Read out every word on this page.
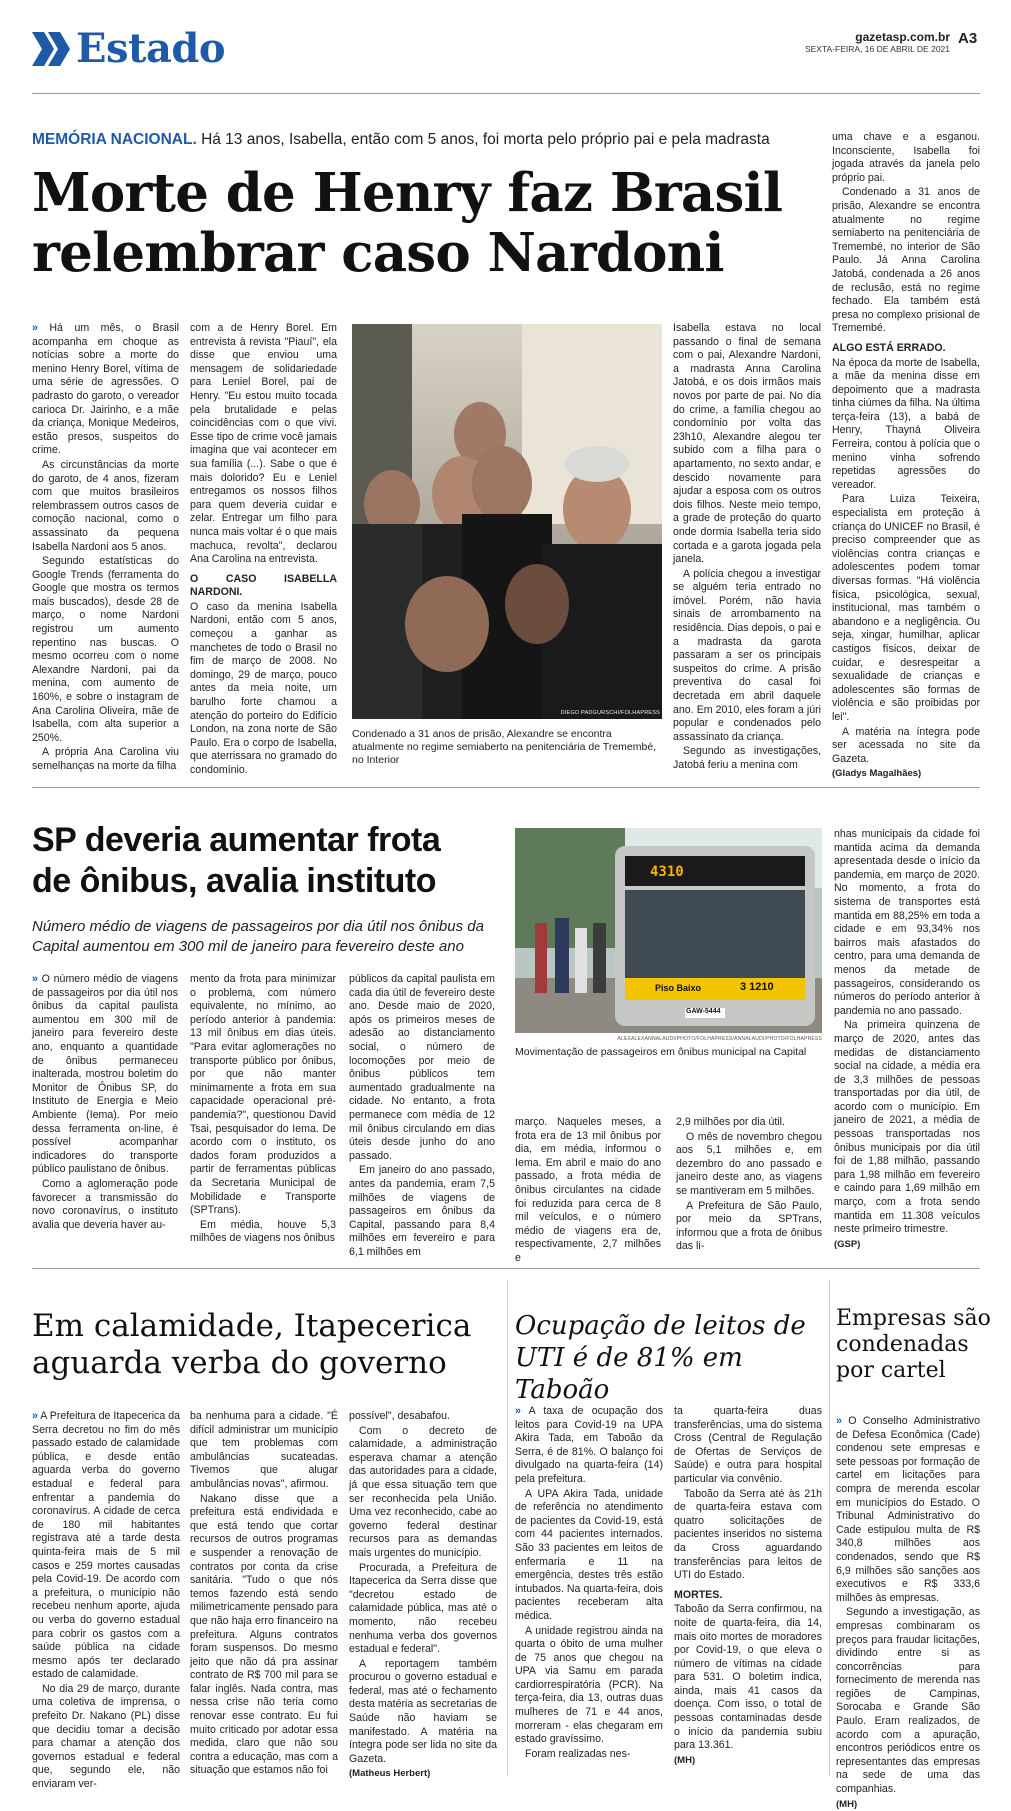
Estado	gazetasp.com.br
SEXTA-FEIRA, 16 DE ABRIL DE 2021
A3
MEMÓRIA NACIONAL. Há 13 anos, Isabella, então com 5 anos, foi morta pelo próprio pai e pela madrasta
Morte de Henry faz Brasil
relembrar caso Nardoni

» Há um mês, o Brasil acompanha em choque as notícias sobre a morte do menino Henry Borel, vítima de uma série de agressões. O padrasto do garoto, o vereador carioca Dr. Jairinho, e a mãe da criança, Monique Medeiros, estão presos, suspeitos do crime.

As circunstâncias da morte do garoto, de 4 anos, fizeram com que muitos brasileiros relembrassem outros casos de comoção nacional, como o assassinato da pequena Isabella Nardoni aos 5 anos.

Segundo estatísticas do Google Trends (ferramenta do Google que mostra os termos mais buscados), desde 28 de março, o nome Nardoni registrou um aumento repentino nas buscas. O mesmo ocorreu com o nome Alexandre Nardoni, pai da menina, com aumento de 160%, e sobre o instagram de Ana Carolina Oliveira, mãe de Isabella, com alta superior a 250%.

A própria Ana Carolina viu semelhanças na morte da filha

com a de Henry Borel. Em entrevista à revista "Piauí", ela disse que enviou uma mensagem de solidariedade para Leniel Borel, pai de Henry. "Eu estou muito tocada pela brutalidade e pelas coincidências com o que vivi. Esse tipo de crime você jamais imagina que vai acontecer em sua família (...). Sabe o que é mais dolorido? Eu e Leniel entregamos os nossos filhos para quem deveria cuidar e zelar. Entregar um filho para nunca mais voltar é o que mais machuca, revolta", declarou Ana Carolina na entrevista.

O CASO ISABELLA NARDONI.

O caso da menina Isabella Nardoni, então com 5 anos, começou a ganhar as manchetes de todo o Brasil no fim de março de 2008. No domingo, 29 de março, pouco antes da meia noite, um barulho forte chamou a atenção do porteiro do Edifício London, na zona norte de São Paulo. Era o corpo de Isabella, que aterrissara no gramado do condomínio.

DIEGO PADGURSCHI/FOLHAPRESS
Condenado a 31 anos de prisão, Alexandre se encontra atualmente no regime semiaberto na penitenciária de Tremembé, no Interior

Isabella estava no local passando o final de semana com o pai, Alexandre Nardoni, a madrasta Anna Carolina Jatobá, e os dois irmãos mais novos por parte de pai. No dia do crime, a família chegou ao condomínio por volta das 23h10, Alexandre alegou ter subido com a filha para o apartamento, no sexto andar, e descido novamente para ajudar a esposa com os outros dois filhos. Neste meio tempo, a grade de proteção do quarto onde dormia Isabella teria sido cortada e a garota jogada pela janela.

A polícia chegou a investigar se alguém teria entrado no imóvel. Porém, não havia sinais de arrombamento na residência. Dias depois, o pai e a madrasta da garota passaram a ser os principais suspeitos do crime. A prisão preventiva do casal foi decretada em abril daquele ano. Em 2010, eles foram a júri popular e condenados pelo assassinato da criança.

Segundo as investigações, Jatobá feriu a menina com

uma chave e a esganou. Inconsciente, Isabella foi jogada através da janela pelo próprio pai.

Condenado a 31 anos de prisão, Alexandre se encontra atualmente no regime semiaberto na penitenciária de Tremembé, no interior de São Paulo. Já Anna Carolina Jatobá, condenada a 26 anos de reclusão, está no regime fechado. Ela também está presa no complexo prisional de Tremembé.

ALGO ESTÁ ERRADO.

Na época da morte de Isabella, a mãe da menina disse em depoimento que a madrasta tinha ciúmes da filha. Na última terça-feira (13), a babá de Henry, Thayná Oliveira Ferreira, contou à polícia que o menino vinha sofrendo repetidas agressões do vereador.

Para Luiza Teixeira, especialista em proteção à criança do UNICEF no Brasil, é preciso compreender que as violências contra crianças e adolescentes podem tomar diversas formas. "Há violência física, psicológica, sexual, institucional, mas também o abandono e a negligência. Ou seja, xingar, humilhar, aplicar castigos físicos, deixar de cuidar, e desrespeitar a sexualidade de crianças e adolescentes são formas de violência e são proibidas por lei".

A matéria na íntegra pode ser acessada no site da Gazeta.

(Gladys Magalhães)

SP deveria aumentar frota
de ônibus, avalia instituto
Número médio de viagens de passageiros por dia útil nos ônibus da
Capital aumentou em 300 mil de janeiro para fevereiro deste ano
4310
Piso Baixo	3 1210
GAW-5444
ALEXALEXANNALAUDI/PHOTO/FOLHAPRESS/ANNALAUDI/PHOTO/FOLHAPRESS
Movimentação de passageiros em ônibus municipal na Capital

» O número médio de viagens de passageiros por dia útil nos ônibus da capital paulista aumentou em 300 mil de janeiro para fevereiro deste ano, enquanto a quantidade de ônibus permaneceu inalterada, mostrou boletim do Monitor de Ônibus SP, do Instituto de Energia e Meio Ambiente (Iema). Por meio dessa ferramenta on-line, é possível acompanhar indicadores do transporte público paulistano de ônibus.

Como a aglomeração pode favorecer a transmissão do novo coronavírus, o instituto avalia que deveria haver au-

mento da frota para minimizar o problema, com número equivalente, no mínimo, ao período anterior à pandemia: 13 mil ônibus em dias úteis. "Para evitar aglomerações no transporte público por ônibus, por que não manter minimamente a frota em sua capacidade operacional pré-pandemia?", questionou David Tsai, pesquisador do Iema. De acordo com o instituto, os dados foram produzidos a partir de ferramentas públicas da Secretaria Municipal de Mobilidade e Transporte (SPTrans).

Em média, houve 5,3 milhões de viagens nos ônibus

públicos da capital paulista em cada dia útil de fevereiro deste ano. Desde maio de 2020, após os primeiros meses de adesão ao distanciamento social, o número de locomoções por meio de ônibus públicos tem aumentado gradualmente na cidade. No entanto, a frota permanece com média de 12 mil ônibus circulando em dias úteis desde junho do ano passado.

Em janeiro do ano passado, antes da pandemia, eram 7,5 milhões de viagens de passageiros em ônibus da Capital, passando para 8,4 milhões em fevereiro e para 6,1 milhões em

março. Naqueles meses, a frota era de 13 mil ônibus por dia, em média, informou o Iema. Em abril e maio do ano passado, a frota média de ônibus circulantes na cidade foi reduzida para cerca de 8 mil veículos, e o número médio de viagens era de, respectivamente, 2,7 milhões e

2,9 milhões por dia útil.

O mês de novembro chegou aos 5,1 milhões e, em dezembro do ano passado e janeiro deste ano, as viagens se mantiveram em 5 milhões.

A Prefeitura de São Paulo, por meio da SPTrans, informou que a frota de ônibus das li-

nhas municipais da cidade foi mantida acima da demanda apresentada desde o início da pandemia, em março de 2020. No momento, a frota do sistema de transportes está mantida em 88,25% em toda a cidade e em 93,34% nos bairros mais afastados do centro, para uma demanda de menos da metade de passageiros, considerando os números do período anterior à pandemia no ano passado.

Na primeira quinzena de março de 2020, antes das medidas de distanciamento social na cidade, a média era de 3,3 milhões de pessoas transportadas por dia útil, de acordo com o município. Em janeiro de 2021, a média de pessoas transportadas nos ônibus municipais por dia útil foi de 1,88 milhão, passando para 1,98 milhão em fevereiro e caindo para 1,69 milhão em março, com a frota sendo mantida em 11.308 veículos neste primeiro trimestre.

(GSP)

Em calamidade, Itapecerica
aguarda verba do governo

» A Prefeitura de Itapecerica da Serra decretou no fim do mês passado estado de calamidade pública, e desde então aguarda verba do governo estadual e federal para enfrentar a pandemia do coronavírus. A cidade de cerca de 180 mil habitantes registrava até a tarde desta quinta-feira mais de 5 mil casos e 259 mortes causadas pela Covid-19. De acordo com a prefeitura, o município não recebeu nenhum aporte, ajuda ou verba do governo estadual para cobrir os gastos com a saúde pública na cidade mesmo após ter declarado estado de calamidade.

No dia 29 de março, durante uma coletiva de imprensa, o prefeito Dr. Nakano (PL) disse que decidiu tomar a decisão para chamar a atenção dos governos estadual e federal que, segundo ele, não enviaram ver-

ba nenhuma para a cidade. "É difícil administrar um município que tem problemas com ambulâncias sucateadas. Tivemos que alugar ambulâncias novas", afirmou.

Nakano disse que a prefeitura está endividada e que está tendo que cortar recursos de outros programas e suspender a renovação de contratos por conta da crise sanitária. "Tudo o que nós temos fazendo está sendo milimetricamente pensado para que não haja erro financeiro na prefeitura. Alguns contratos foram suspensos. Do mesmo jeito que não dá pra assinar contrato de R$ 700 mil para se falar inglês. Nada contra, mas nessa crise não teria como renovar esse contrato. Eu fui muito criticado por adotar essa medida, claro que não sou contra a educação, mas com a situação que estamos não foi

possível", desabafou.

Com o decreto de calamidade, a administração esperava chamar a atenção das autoridades para a cidade, já que essa situação tem que ser reconhecida pela União. Uma vez reconhecido, cabe ao governo federal destinar recursos para as demandas mais urgentes do município.

Procurada, a Prefeitura de Itapecerica da Serra disse que "decretou estado de calamidade pública, mas até o momento, não recebeu nenhuma verba dos governos estadual e federal".

A reportagem também procurou o governo estadual e federal, mas até o fechamento desta matéria as secretarias de Saúde não haviam se manifestado. A matéria na íntegra pode ser lida no site da Gazeta.

(Matheus Herbert)

Ocupação de leitos de
UTI é de 81% em Taboão

» A taxa de ocupação dos leitos para Covid-19 na UPA Akira Tada, em Taboão da Serra, é de 81%. O balanço foi divulgado na quarta-feira (14) pela prefeitura.

A UPA Akira Tada, unidade de referência no atendimento de pacientes da Covid-19, está com 44 pacientes internados. São 33 pacientes em leitos de enfermaria e 11 na emergência, destes três estão intubados. Na quarta-feira, dois pacientes receberam alta médica.

A unidade registrou ainda na quarta o óbito de uma mulher de 75 anos que chegou na UPA via Samu em parada cardiorrespiratória (PCR). Na terça-feira, dia 13, outras duas mulheres de 71 e 44 anos, morreram - elas chegaram em estado gravíssimo.

Foram realizadas nes-

ta quarta-feira duas transferências, uma do sistema Cross (Central de Regulação de Ofertas de Serviços de Saúde) e outra para hospital particular via convênio.

Taboão da Serra até às 21h de quarta-feira estava com quatro solicitações de pacientes inseridos no sistema da Cross aguardando transferências para leitos de UTI do Estado.

MORTES.

Taboão da Serra confirmou, na noite de quarta-feira, dia 14, mais oito mortes de moradores por Covid-19, o que eleva o número de vítimas na cidade para 531. O boletim indica, ainda, mais 41 casos da doença. Com isso, o total de pessoas contaminadas desde o início da pandemia subiu para 13.361.

(MH)

Empresas são
condenadas
por cartel

» O Conselho Administrativo de Defesa Econômica (Cade) condenou sete empresas e sete pessoas por formação de cartel em licitações para compra de merenda escolar em municípios do Estado. O Tribunal Administrativo do Cade estipulou multa de R$ 340,8 milhões aos condenados, sendo que R$ 6,9 milhões são sanções aos executivos e R$ 333,6 milhões às empresas.

Segundo a investigação, as empresas combinaram os preços para fraudar licitações, dividindo entre si as concorrências para fornecimento de merenda nas regiões de Campinas, Sorocaba e Grande São Paulo. Eram realizados, de acordo com a apuração, encontros periódicos entre os representantes das empresas na sede de uma das companhias.

(MH)
